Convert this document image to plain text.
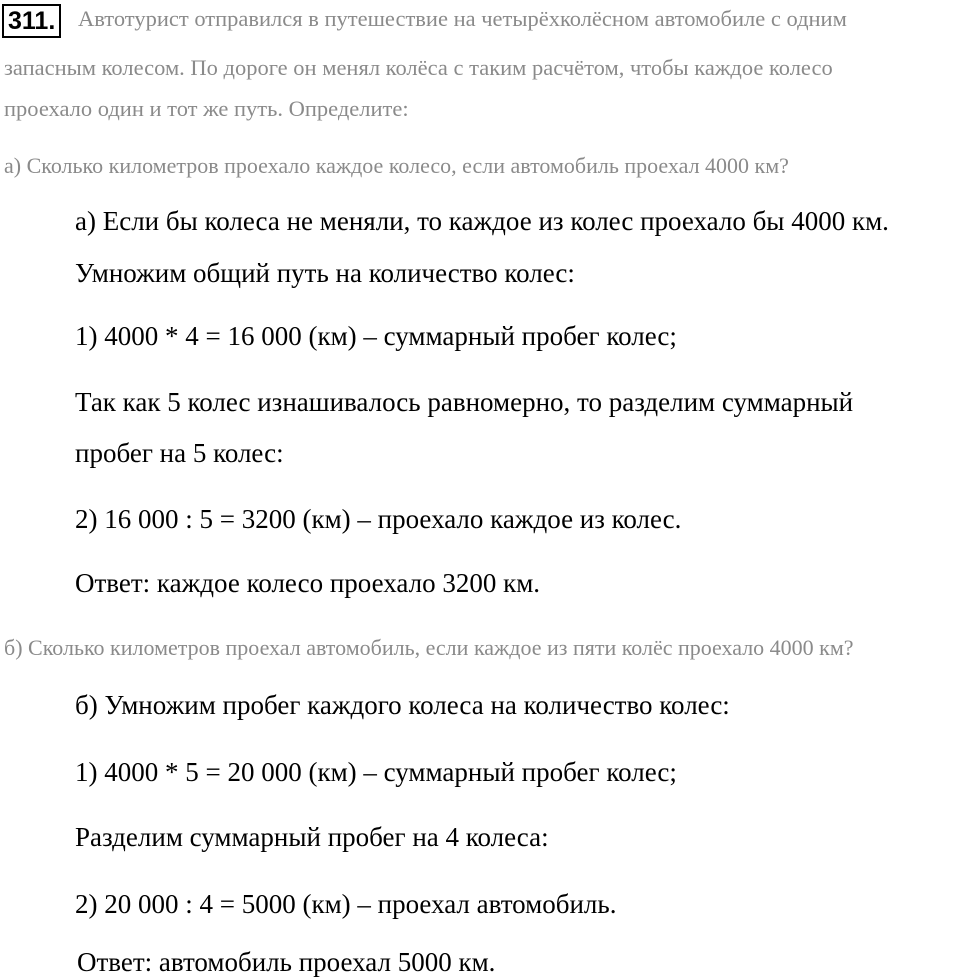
311. Автотурист отправился в путешествие на четырёхколёсном автомобиле с одним
запасным колесом. По дороге он менял колёса с таким расчётом, чтобы каждое колесо
проехало один и тот же путь. Определите:
а) Сколько километров проехало каждое колесо, если автомобиль проехал 4000 км?
а) Если бы колеса не меняли, то каждое из колес проехало бы 4000 км.
Умножим общий путь на количество колес:
1) 4000 * 4 = 16 000 (км) – суммарный пробег колес;
Так как 5 колес изнашивалось равномерно, то разделим суммарный
пробег на 5 колес:
2) 16 000 : 5 = 3200 (км) – проехало каждое из колес.
Ответ: каждое колесо проехало 3200 км.
б) Сколько километров проехал автомобиль, если каждое из пяти колёс проехало 4000 км?
б) Умножим пробег каждого колеса на количество колес:
1) 4000 * 5 = 20 000 (км) – суммарный пробег колес;
Разделим суммарный пробег на 4 колеса:
2) 20 000 : 4 = 5000 (км) – проехал автомобиль.
Ответ: автомобиль проехал 5000 км.
